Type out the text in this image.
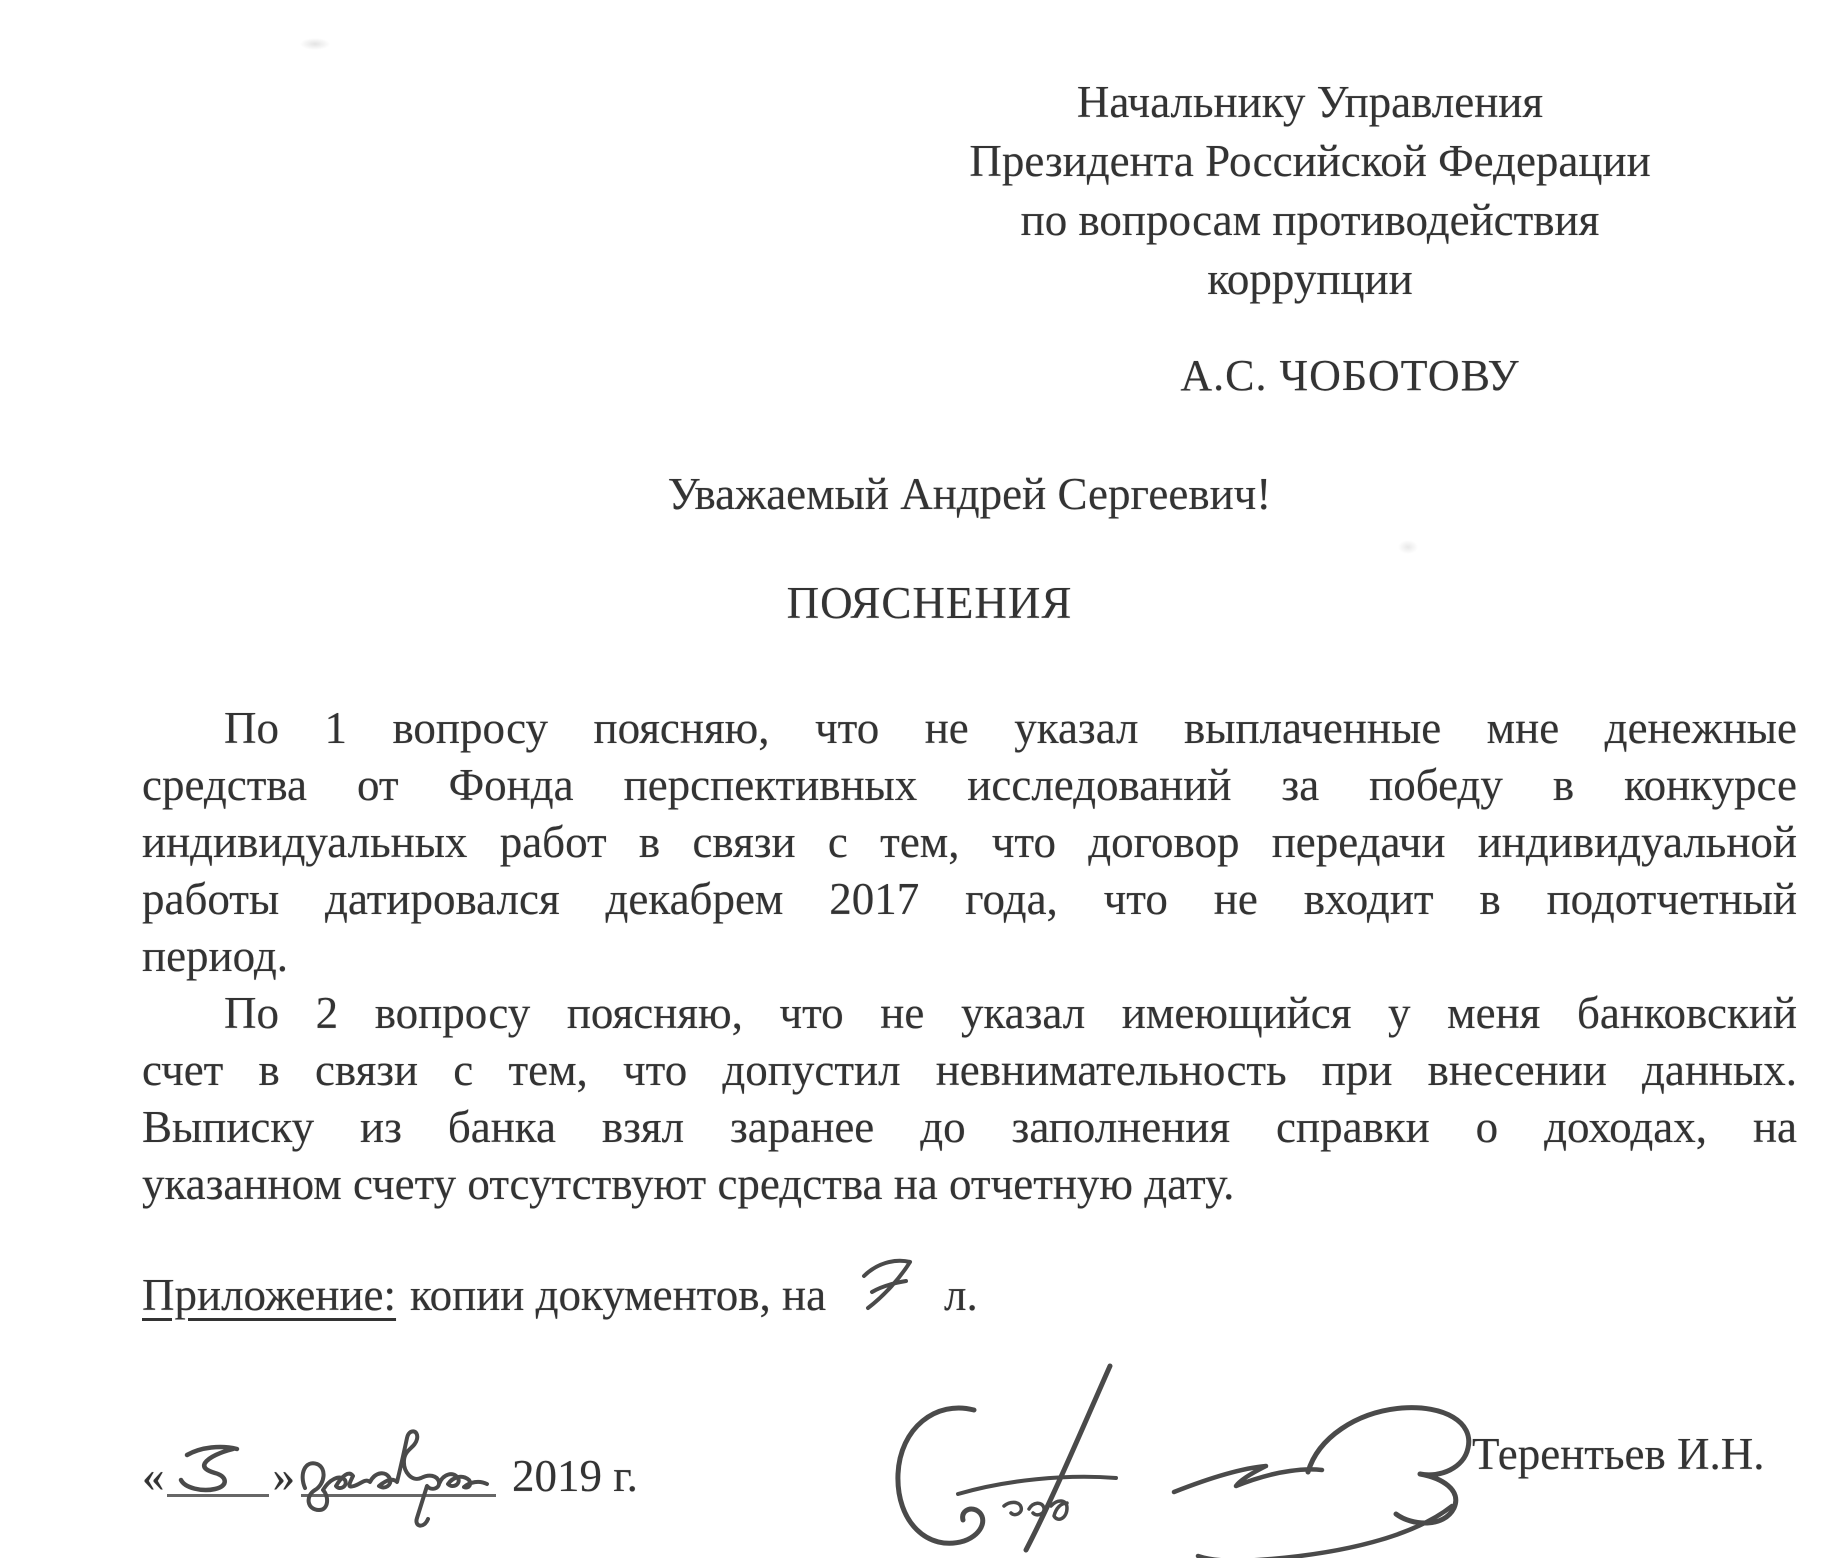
Начальнику Управления
Президента Российской Федерации
по вопросам противодействия
коррупции
А.С. ЧОБОТОВУ
Уважаемый Андрей Сергеевич!
ПОЯСНЕНИЯ
По 1 вопросу поясняю, что не указал выплаченные мне денежные
средства от Фонда перспективных исследований за победу в конкурсе
индивидуальных работ в связи с тем, что договор передачи индивидуальной
работы датировался декабрем 2017 года, что не входит в подотчетный
период.
По 2 вопросу поясняю, что не указал имеющийся у меня банковский
счет в связи с тем, что допустил невнимательность при внесении данных.
Выписку из банка взял заранее до заполнения справки о доходах, на
указанном счету отсутствуют средства на отчетную дату.
Приложение: копии документов, на	л.
« »	2019 г.	Терентьев И.Н.
